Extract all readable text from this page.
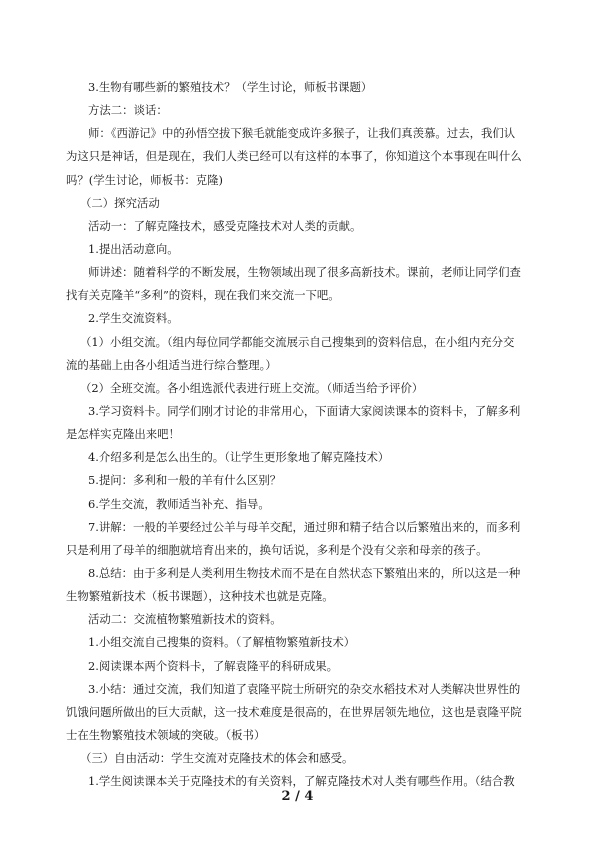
3.生物有哪些新的繁殖技术？（学生讨论，师板书课题）
方法二：谈话：
师：《西游记》中的孙悟空拔下猴毛就能变成许多猴子，让我们真羡慕。过去，我们认
为这只是神话，但是现在，我们人类已经可以有这样的本事了，你知道这个本事现在叫什么
吗？(学生讨论，师板书：克隆)
（二）探究活动
活动一：了解克隆技术，感受克隆技术对人类的贡献。
1.提出活动意向。
师讲述：随着科学的不断发展，生物领域出现了很多高新技术。课前，老师让同学们查
找有关克隆羊“多利”的资料，现在我们来交流一下吧。
2.学生交流资料。
（1）小组交流。（组内每位同学都能交流展示自己搜集到的资料信息，在小组内充分交
流的基础上由各小组适当进行综合整理。）
（2）全班交流。各小组选派代表进行班上交流。（师适当给予评价）
3.学习资料卡。同学们刚才讨论的非常用心，下面请大家阅读课本的资料卡，了解多利
是怎样实克隆出来吧！
4.介绍多利是怎么出生的。（让学生更形象地了解克隆技术）
5.提问：多利和一般的羊有什么区别？
6.学生交流，教师适当补充、指导。
7.讲解：一般的羊要经过公羊与母羊交配，通过卵和精子结合以后繁殖出来的，而多利
只是利用了母羊的细胞就培育出来的，换句话说，多利是个没有父亲和母亲的孩子。
8.总结：由于多利是人类利用生物技术而不是在自然状态下繁殖出来的，所以这是一种
生物繁殖新技术（板书课题），这种技术也就是克隆。
活动二：交流植物繁殖新技术的资料。
1.小组交流自己搜集的资料。（了解植物繁殖新技术）
2.阅读课本两个资料卡，了解袁隆平的科研成果。
3.小结：通过交流，我们知道了袁隆平院士所研究的杂交水稻技术对人类解决世界性的
饥饿问题所做出的巨大贡献，这一技术难度是很高的，在世界居领先地位，这也是袁隆平院
士在生物繁殖技术领域的突破。（板书）
（三）自由活动：学生交流对克隆技术的体会和感受。
1.学生阅读课本关于克隆技术的有关资料，了解克隆技术对人类有哪些作用。（结合教
2 / 4
